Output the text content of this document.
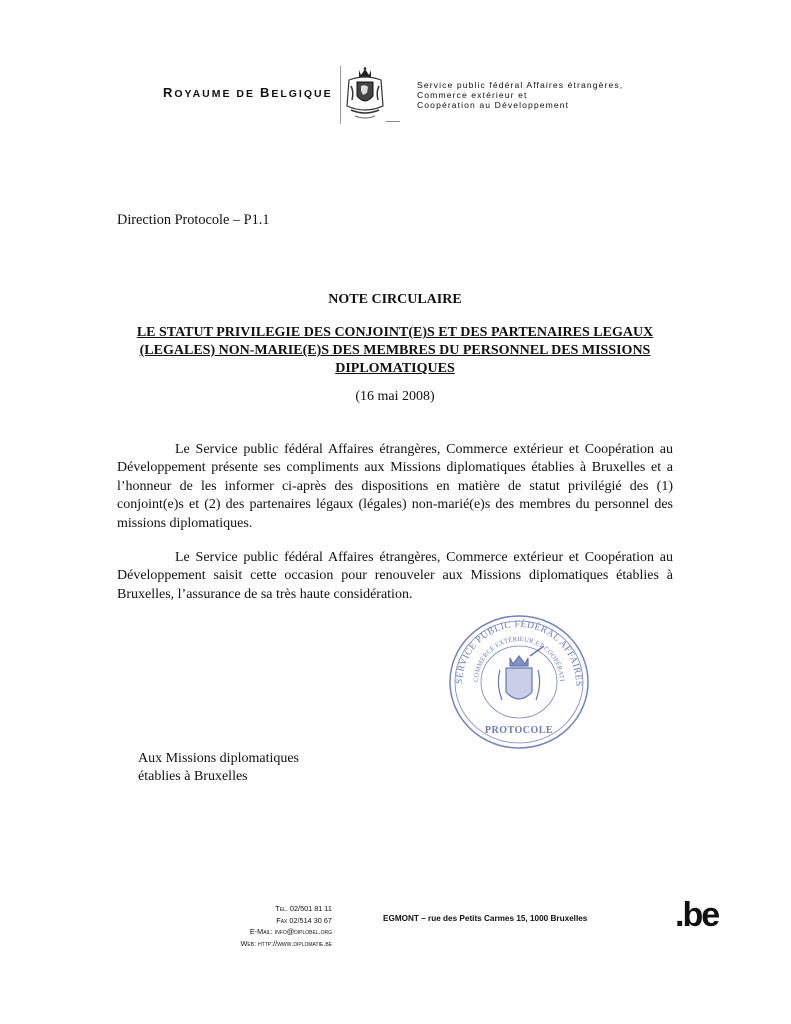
ROYAUME DE BELGIQUE
Service public fédéral Affaires étrangères,
Commerce extérieur et
Coopération au Développement
Direction Protocole – P1.1
NOTE CIRCULAIRE
LE STATUT PRIVILEGIE DES CONJOINT(E)S ET DES PARTENAIRES LEGAUX (LEGALES) NON-MARIE(E)S DES MEMBRES DU PERSONNEL DES MISSIONS DIPLOMATIQUES
(16 mai 2008)
Le Service public fédéral Affaires étrangères, Commerce extérieur et Coopération au Développement présente ses compliments aux Missions diplomatiques établies à Bruxelles et a l’honneur de les informer ci-après des dispositions en matière de statut privilégié des (1) conjoint(e)s et (2) des partenaires légaux (légales) non-marié(e)s des membres du personnel des missions diplomatiques.
Le Service public fédéral Affaires étrangères, Commerce extérieur et Coopération au Développement saisit cette occasion pour renouveler aux Missions diplomatiques établies à Bruxelles, l’assurance de sa très haute considération.
SERVICE PUBLIC FÉDÉRAL AFFAIRES
COMMERCE EXTÉRIEUR ET COOPÉRATI
PROTOCOLE
Aux Missions diplomatiques
établies à Bruxelles
Tel. 02/501 81 11
Fax 02/514 30 67
E-Mail: info@diplobel.org
Web: http://www.diplomatie.be
EGMONT – rue des Petits Carmes 15, 1000 Bruxelles	.be
